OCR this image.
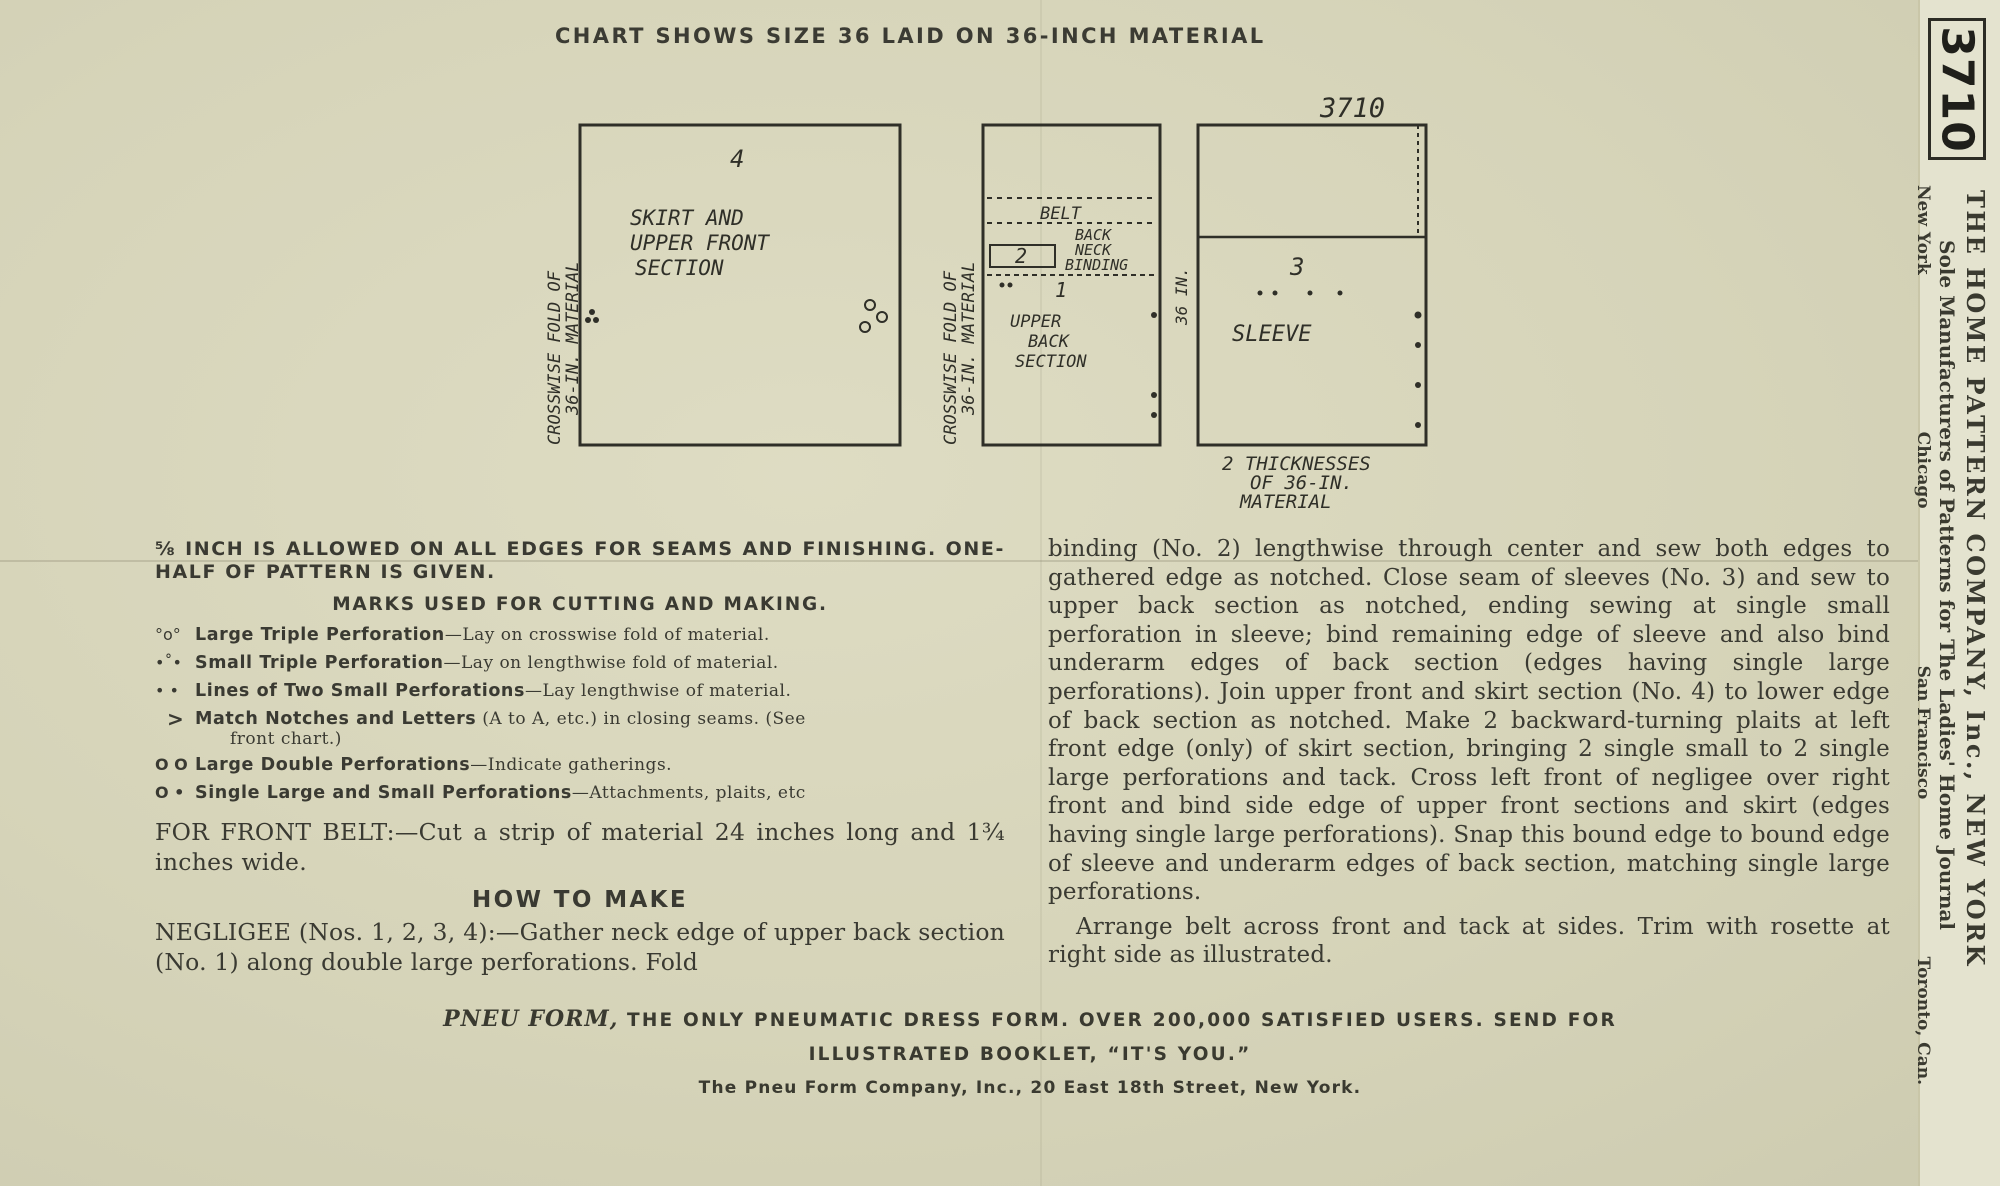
CHART SHOWS SIZE 36 LAID ON 36-INCH MATERIAL
3710
CROSSWISE FOLD OF
36-IN. MATERIAL	CROSSWISE FOLD OF
36-IN. MATERIAL
4
SKIRT AND
UPPER FRONT
SECTION
BELT
2
BACK
NECK
BINDING
1
UPPER
BACK
SECTION
36 IN.
3
SLEEVE
2 THICKNESSES
OF 36-IN.
MATERIAL
⅝ INCH IS ALLOWED ON ALL EDGES FOR SEAMS AND FINISHING. ONE-HALF OF PATTERN IS GIVEN.
MARKS USED FOR CUTTING AND MAKING.
°o° Large Triple Perforation—Lay on crosswise fold of material.
•˚• Small Triple Perforation—Lay on lengthwise fold of material.
• • Lines of Two Small Perforations—Lay lengthwise of material.
> Match Notches and Letters (A to A, etc.) in closing seams. (See
front chart.)
O O Large Double Perforations—Indicate gatherings.
O • Single Large and Small Perforations—Attachments, plaits, etc
FOR FRONT BELT:—Cut a strip of material 24 inches long and 1¾ inches wide.
HOW TO MAKE
NEGLIGEE (Nos. 1, 2, 3, 4):—Gather neck edge of upper back section (No. 1) along double large perforations. Fold
binding (No. 2) lengthwise through center and sew both edges to gathered edge as notched. Close seam of sleeves (No. 3) and sew to upper back section as notched, ending sewing at single small perforation in sleeve; bind remaining edge of sleeve and also bind underarm edges of back section (edges having single large perforations). Join upper front and skirt section (No. 4) to lower edge of back section as notched. Make 2 backward-turning plaits at left front edge (only) of skirt section, bringing 2 single small to 2 single large perforations and tack. Cross left front of negligee over right front and bind side edge of upper front sections and skirt (edges having single large perforations). Snap this bound edge to bound edge of sleeve and underarm edges of back section, matching single large perforations.
Arrange belt across front and tack at sides. Trim with rosette at right side as illustrated.
PNEU FORM, THE ONLY PNEUMATIC DRESS FORM. OVER 200,000 SATISFIED USERS. SEND FOR
ILLUSTRATED BOOKLET, “IT'S YOU.”
The Pneu Form Company, Inc., 20 East 18th Street, New York.
3710
THE HOME PATTERN COMPANY, Inc., NEW YORK
Sole Manufacturers of Patterns for The Ladies' Home Journal
New York
Chicago
San Francisco
Toronto, Can.
